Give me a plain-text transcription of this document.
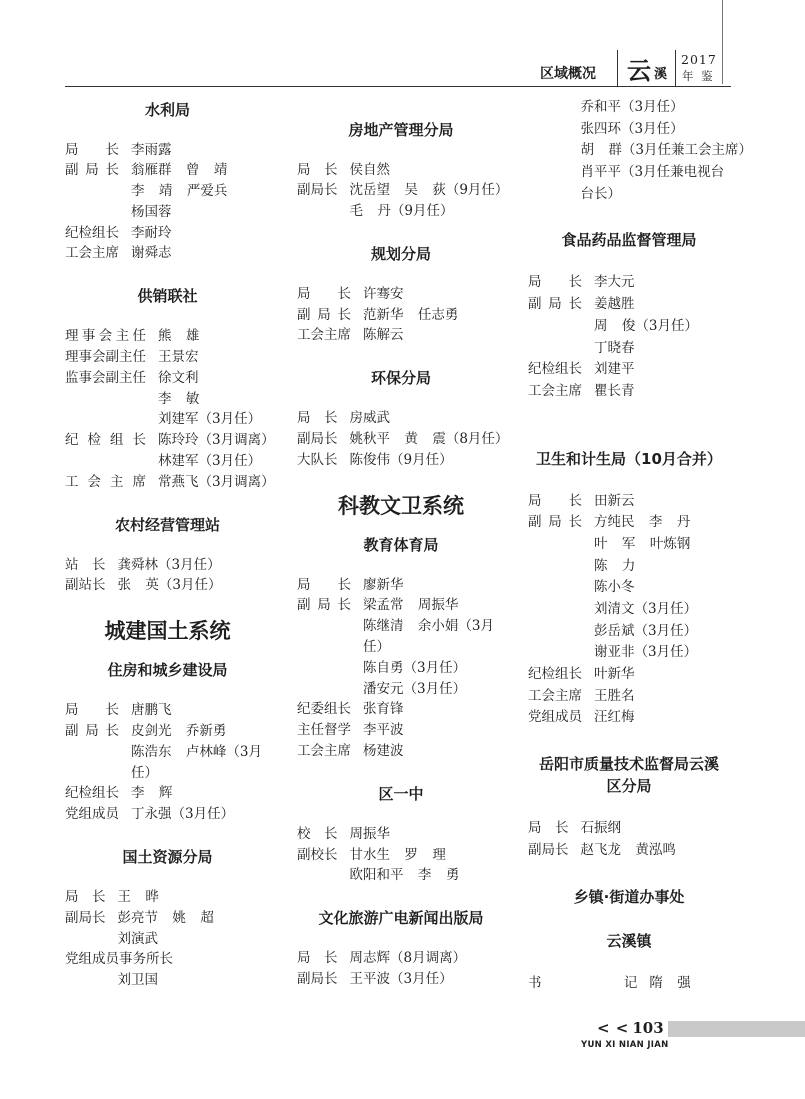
区域概况 云 溪
2017
年 鉴
水利局
局 长 李雨露
副 局 长 翁雁群 曾 靖
李 靖 严爱兵
杨国蓉
纪检组长 李耐玲
工会主席 谢舜志
供销联社
理 事 会 主 任 熊 雄
理事会副主任 王景宏
监事会副主任 徐文利
李 敏
刘建军（3月任）
纪 检 组 长 陈玲玲（3月调离）
林建军（3月任）
工 会 主 席 常燕飞（3月调离）
农村经营管理站
站 长 龚舜林（3月任）
副站长 张 英（3月任）
城建国土系统
住房和城乡建设局
局 长 唐鹏飞
副 局 长 皮剑光 乔新勇
陈浩东 卢林峰（3月
任）
纪检组长 李 辉
党组成员 丁永强（3月任）
国土资源分局
局 长 王 晔
副局长 彭亮节 姚 超
刘演武
党组成员事务所长
刘卫国
房地产管理分局
局 长 侯自然
副局长 沈岳望 吴 荻（9月任）
毛 丹（9月任）
规划分局
局 长 许骞安
副 局 长 范新华 任志勇
工会主席 陈解云
环保分局
局 长 房威武
副局长 姚秋平 黄 震（8月任）
大队长 陈俊伟（9月任）
科教文卫系统
教育体育局
局 长 廖新华
副 局 长 梁孟常 周振华
陈继清 余小娟（3月
任）
陈自勇（3月任）
潘安元（3月任）
纪委组长 张育锋
主任督学 李平波
工会主席 杨建波
区一中
校 长 周振华
副校长 甘水生 罗 理
欧阳和平 李 勇
文化旅游广电新闻出版局
局 长 周志辉（8月调离）
副局长 王平波（3月任）
乔和平（3月任）
张四环（3月任）
胡 群（3月任兼工会主席）
肖平平（3月任兼电视台
台长）
食品药品监督管理局
局 长 李大元
副 局 长 姜越胜
周 俊（3月任）
丁晓春
纪检组长 刘建平
工会主席 瞿长青
卫生和计生局（10月合并）
局 长 田新云
副 局 长 方纯民 李 丹
叶 军 叶炼钢
陈 力
陈小冬
刘清文（3月任）
彭岳斌（3月任）
谢亚非（3月任）
纪检组长 叶新华
工会主席 王胜名
党组成员 汪红梅
岳阳市质量技术监督局云溪
区分局
局 长 石振纲
副局长 赵飞龙 黄泓鸣
乡镇·街道办事处
云溪镇
书 记 隋 强
< < 103
YUN XI NIAN JIAN
